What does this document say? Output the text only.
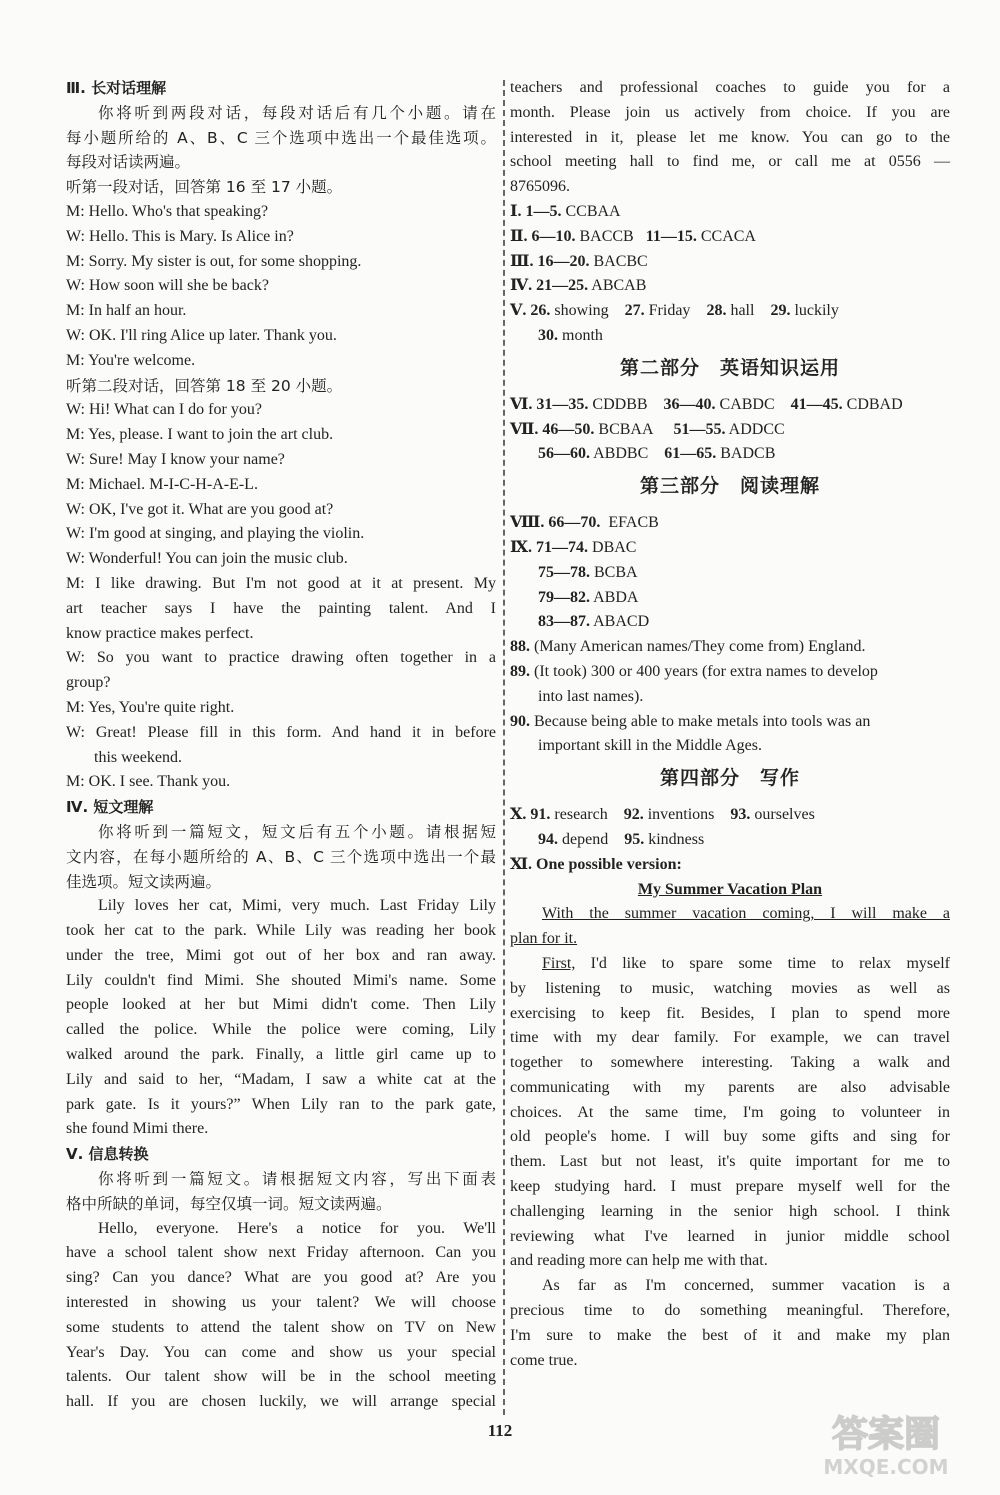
Ⅲ. 长对话理解
你将听到两段对话，每段对话后有几个小题。请在
每小题所给的 A、B、C 三个选项中选出一个最佳选项。
每段对话读两遍。
听第一段对话，回答第 16 至 17 小题。
M: Hello. Who's that speaking?
W: Hello. This is Mary. Is Alice in?
M: Sorry. My sister is out, for some shopping.
W: How soon will she be back?
M: In half an hour.
W: OK. I'll ring Alice up later. Thank you.
M: You're welcome.
听第二段对话，回答第 18 至 20 小题。
W: Hi! What can I do for you?
M: Yes, please. I want to join the art club.
W: Sure! May I know your name?
M: Michael. M-I-C-H-A-E-L.
W: OK, I've got it. What are you good at?
W: I'm good at singing, and playing the violin.
W: Wonderful! You can join the music club.
M: I like drawing. But I'm not good at it at present. My
art teacher says I have the painting talent. And I
know practice makes perfect.
W: So you want to practice drawing often together in a
group?
M: Yes, You're quite right.
W: Great! Please fill in this form. And hand it in before
this weekend.
M: OK. I see. Thank you.
Ⅳ. 短文理解
你将听到一篇短文，短文后有五个小题。请根据短
文内容，在每小题所给的 A、B、C 三个选项中选出一个最
佳选项。短文读两遍。
Lily loves her cat, Mimi, very much. Last Friday Lily
took her cat to the park. While Lily was reading her book
under the tree, Mimi got out of her box and ran away.
Lily couldn't find Mimi. She shouted Mimi's name. Some
people looked at her but Mimi didn't come. Then Lily
called the police. While the police were coming, Lily
walked around the park. Finally, a little girl came up to
Lily and said to her, “Madam, I saw a white cat at the
park gate. Is it yours?” When Lily ran to the park gate,
she found Mimi there.
Ⅴ. 信息转换
你将听到一篇短文。请根据短文内容，写出下面表
格中所缺的单词，每空仅填一词。短文读两遍。
Hello, everyone. Here's a notice for you. We'll
have a school talent show next Friday afternoon. Can you
sing? Can you dance? What are you good at? Are you
interested in showing us your talent? We will choose
some students to attend the talent show on TV on New
Year's Day. You can come and show us your special
talents. Our talent show will be in the school meeting
hall. If you are chosen luckily, we will arrange special
teachers and professional coaches to guide you for a
month. Please join us actively from choice. If you are
interested in it, please let me know. You can go to the
school meeting hall to find me, or call me at 0556 —
8765096.
Ⅰ. 1—5. CCBAA
Ⅱ. 6—10. BACCB 11—15. CCACA
Ⅲ. 16—20. BACBC
Ⅳ. 21—25. ABCAB
Ⅴ. 26. showing 27. Friday 28. hall 29. luckily
30. month
第二部分 英语知识运用
Ⅵ. 31—35. CDDBB 36—40. CABDC 41—45. CDBAD
Ⅶ. 46—50. BCBAA 51—55. ADDCC
56—60. ABDBC 61—65. BADCB
第三部分 阅读理解
Ⅷ. 66—70. EFACB
Ⅸ. 71—74. DBAC
75—78. BCBA
79—82. ABDA
83—87. ABACD
88. (Many American names/They come from) England.
89. (It took) 300 or 400 years (for extra names to develop
into last names).
90. Because being able to make metals into tools was an
important skill in the Middle Ages.
第四部分 写作
Ⅹ. 91. research 92. inventions 93. ourselves
94. depend 95. kindness
Ⅺ. One possible version:
My Summer Vacation Plan
With the summer vacation coming, I will make a
plan for it.
First, I'd like to spare some time to relax myself
by listening to music, watching movies as well as
exercising to keep fit. Besides, I plan to spend more
time with my dear family. For example, we can travel
together to somewhere interesting. Taking a walk and
communicating with my parents are also advisable
choices. At the same time, I'm going to volunteer in
old people's home. I will buy some gifts and sing for
them. Last but not least, it's quite important for me to
keep studying hard. I must prepare myself well for the
challenging learning in the senior high school. I think
reviewing what I've learned in junior middle school
and reading more can help me with that.
As far as I'm concerned, summer vacation is a
precious time to do something meaningful. Therefore,
I'm sure to make the best of it and make my plan
come true.
112	答案圈
MXQE.COM
